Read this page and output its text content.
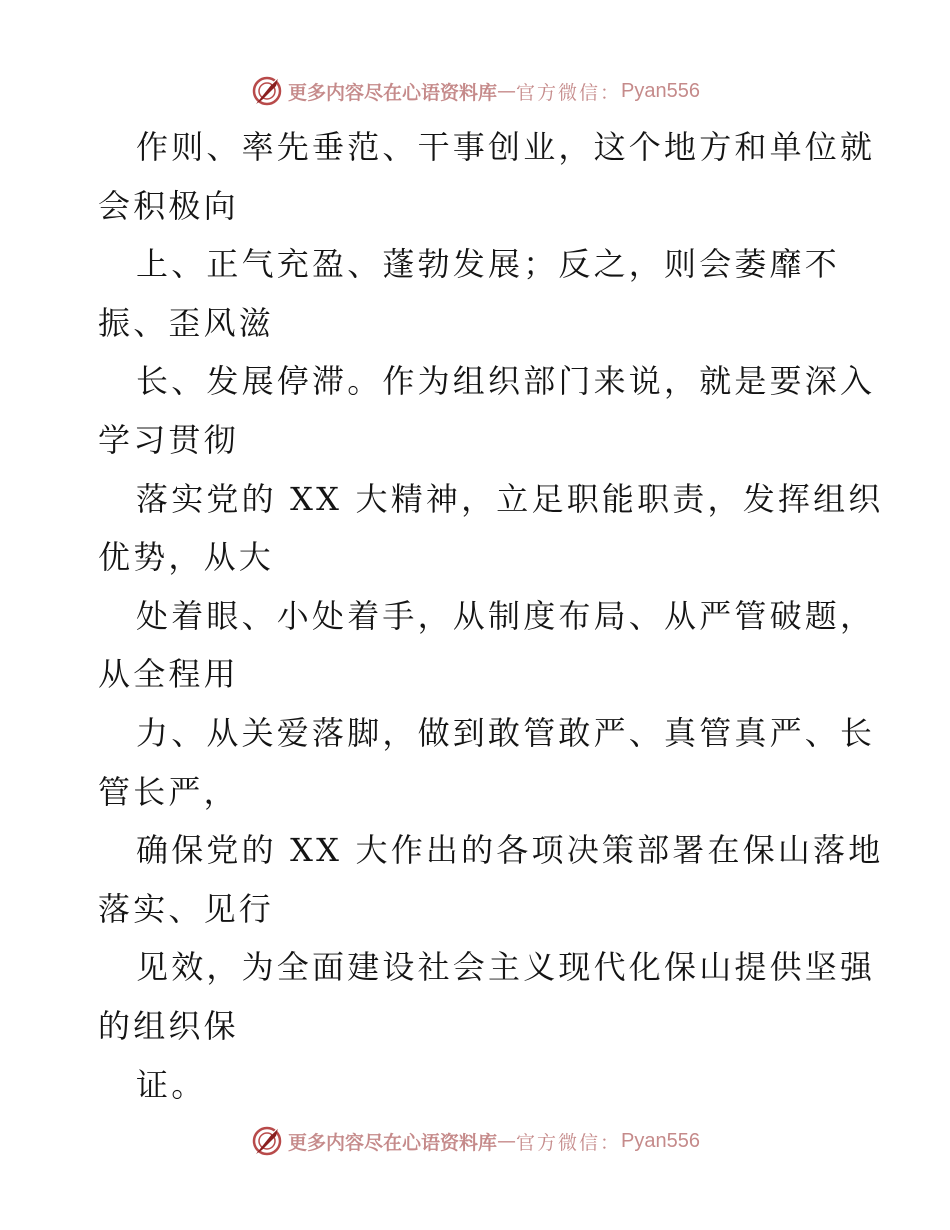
更多内容尽在心语资料库 — 官方微信： Pyan556
作则、率先垂范、干事创业，这个地方和单位就
会积极向
上、正气充盈、蓬勃发展；反之，则会萎靡不
振、歪风滋
长、发展停滞。作为组织部门来说，就是要深入
学习贯彻
落实党的 XX 大精神，立足职能职责，发挥组织
优势，从大
处着眼、小处着手，从制度布局、从严管破题，
从全程用
力、从关爱落脚，做到敢管敢严、真管真严、长
管长严，
确保党的 XX 大作出的各项决策部署在保山落地
落实、见行
见效，为全面建设社会主义现代化保山提供坚强
的组织保
证。
更多内容尽在心语资料库 — 官方微信： Pyan556
